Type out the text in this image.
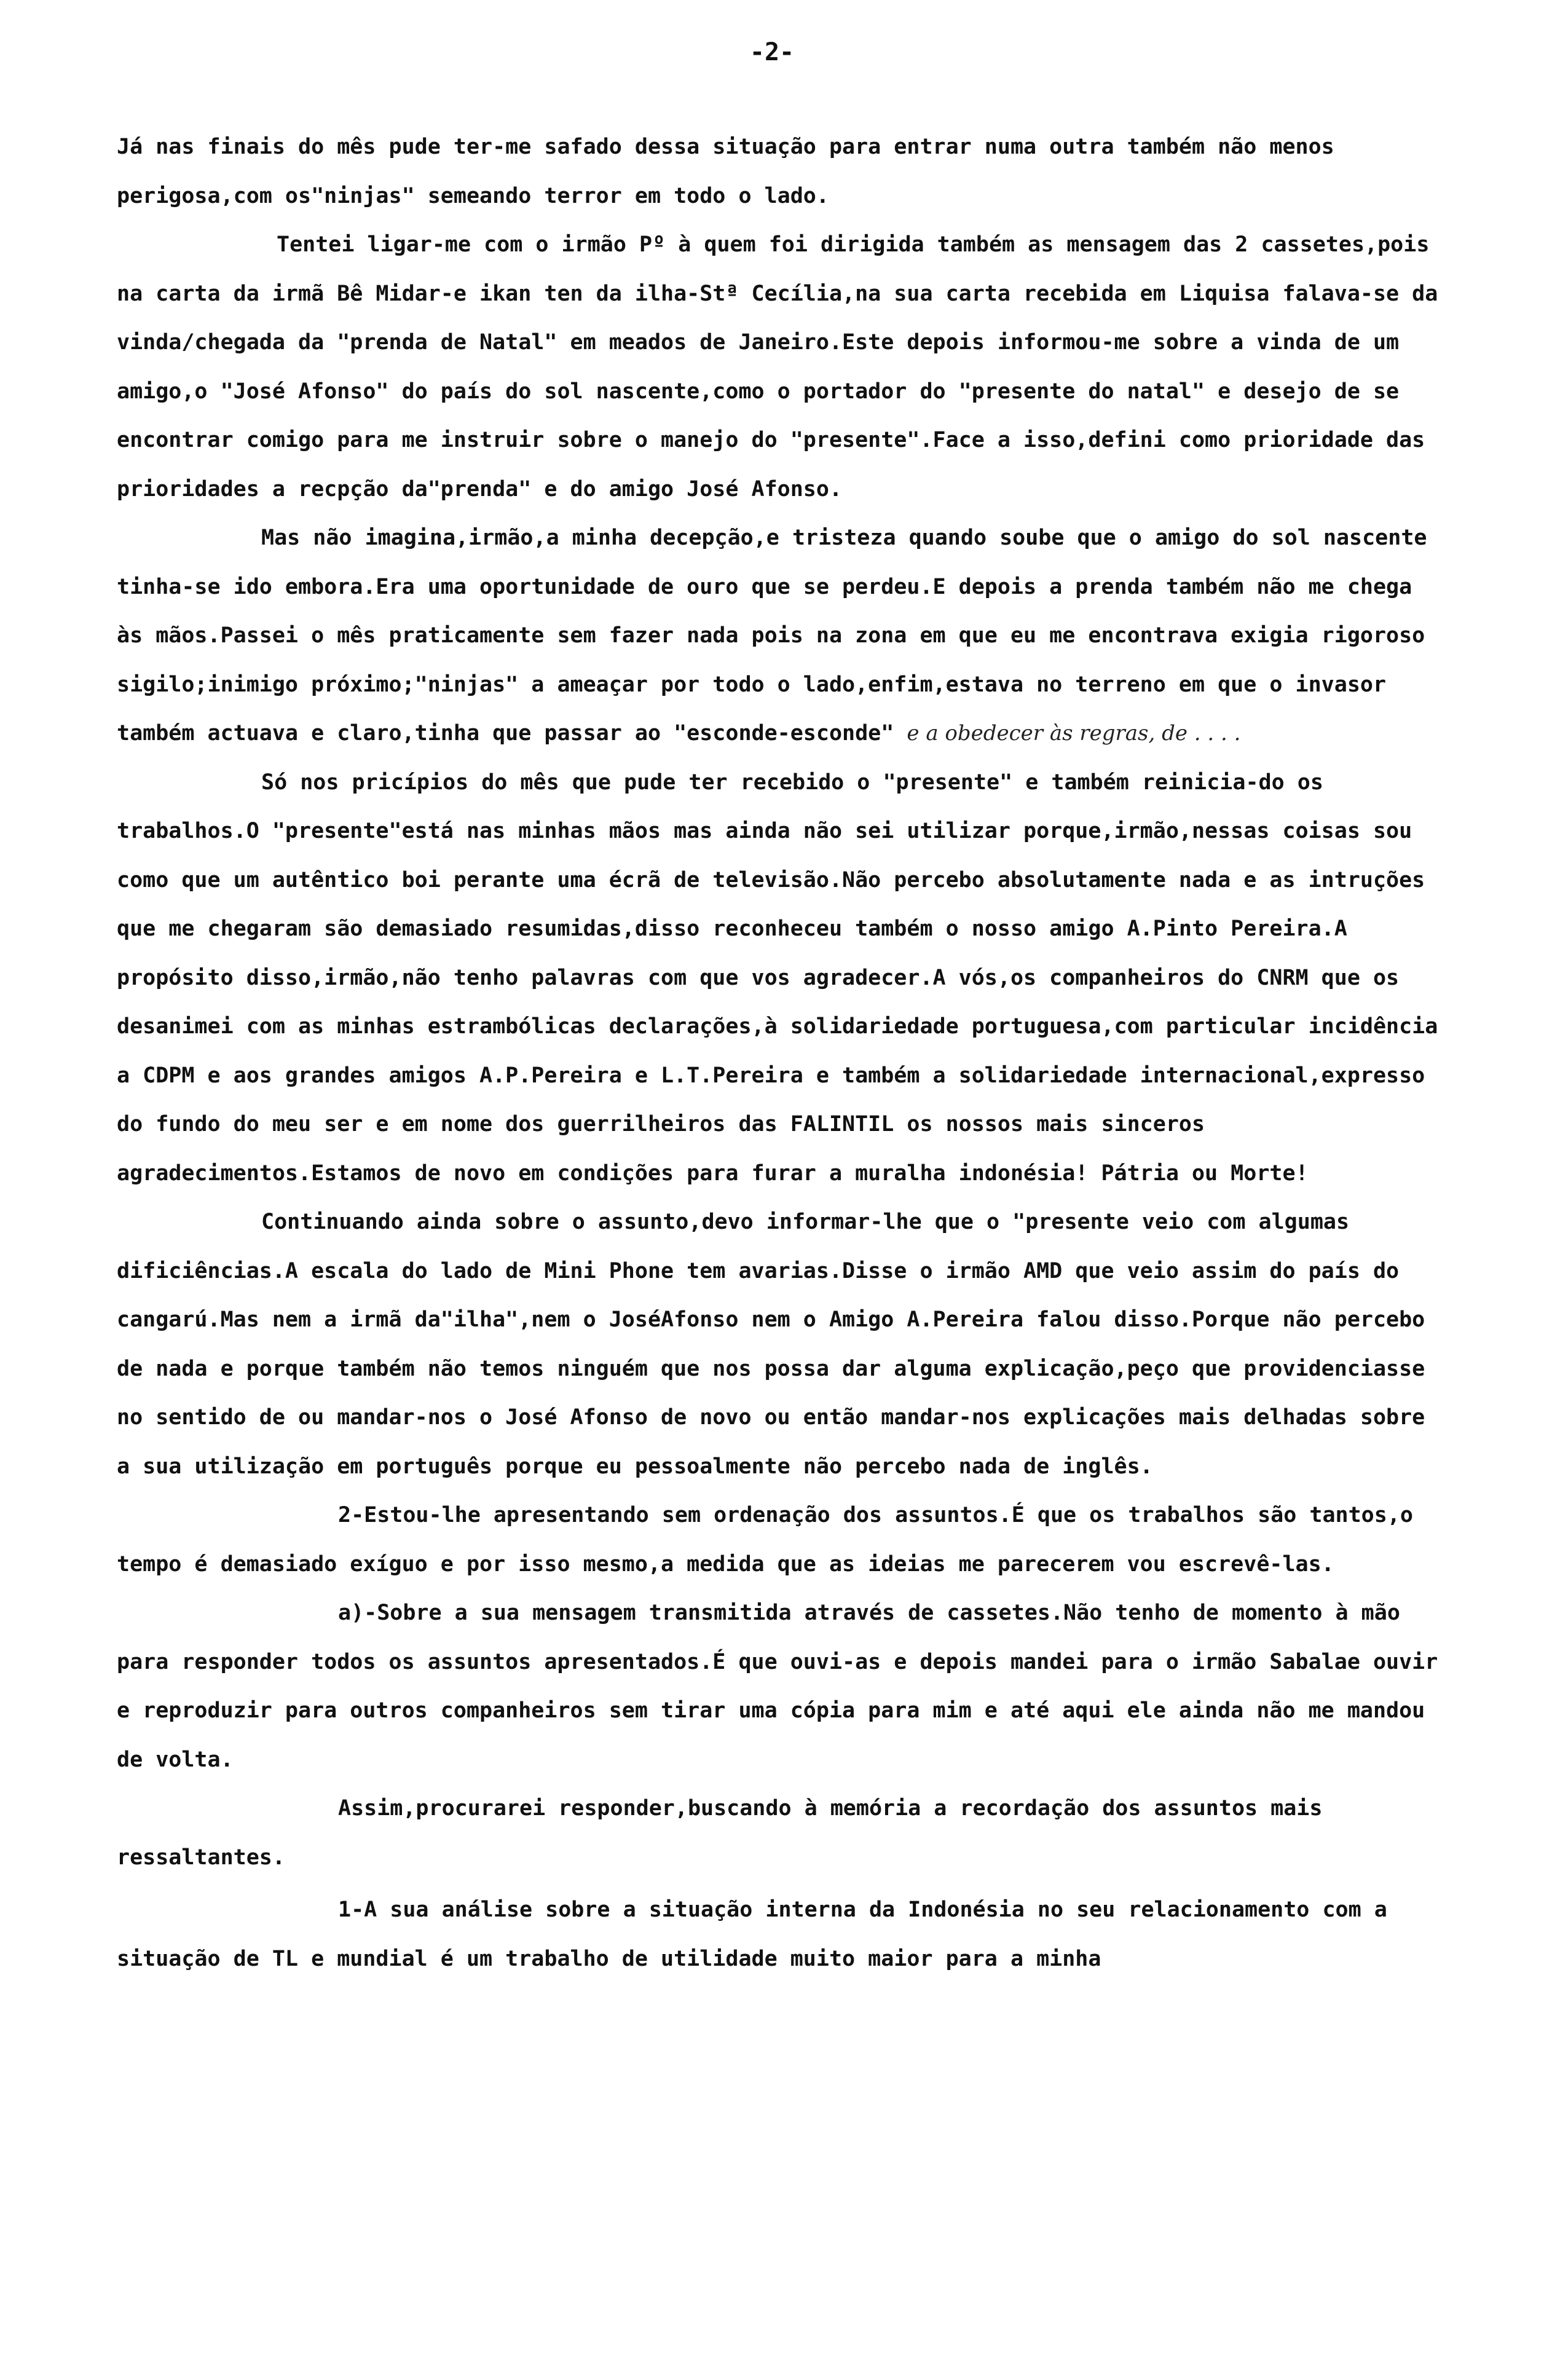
-2-

Já nas finais do mês pude ter-me safado dessa situação para entrar numa outra também não menos perigosa,com os"ninjas" semeando terror em todo o lado.

Tentei ligar-me com o irmão Pº à quem foi dirigida também as mensagem das 2 cassetes,pois na carta da irmã Bê Midar-e ikan ten da ilha-Stª Cecília,na sua carta recebida em Liquisa falava-se da vinda/chegada da "prenda de Natal" em meados de Janeiro.Este depois informou-me sobre a vinda de um amigo,o "José Afonso" do país do sol nascente,como o portador do "presente do natal" e desejo de se encontrar comigo para me instruir sobre o manejo do "presente".Face a isso,defini como prioridade das prioridades a recpção da"prenda" e do amigo José Afonso.

Mas não imagina,irmão,a minha decepção,e tristeza quando soube que o amigo do sol nascente tinha-se ido embora.Era uma oportunidade de ouro que se perdeu.E depois a prenda também não me chega às mãos.Passei o mês praticamente sem fazer nada pois na zona em que eu me encontrava exigia rigoroso sigilo;inimigo próximo;"ninjas" a ameaçar por todo o lado,enfim,estava no terreno em que o invasor também actuava e claro,tinha que passar ao "esconde-esconde" e a obedecer às regras, de . . . .

Só nos pricípios do mês que pude ter recebido o "presente" e também reinicia-do os trabalhos.O "presente"está nas minhas mãos mas ainda não sei utilizar porque,irmão,nessas coisas sou como que um autêntico boi perante uma écrã de televisão.Não percebo absolutamente nada e as intruções que me chegaram são demasiado resumidas,disso reconheceu também o nosso amigo A.Pinto Pereira.A propósito disso,irmão,não tenho palavras com que vos agradecer.A vós,os companheiros do CNRM que os desanimei com as minhas estrambólicas declarações,à solidariedade portuguesa,com particular incidência a CDPM e aos grandes amigos A.P.Pereira e L.T.Pereira e também a solidariedade internacional,expresso do fundo do meu ser e em nome dos guerrilheiros das FALINTIL os nossos mais sinceros agradecimentos.Estamos de novo em condições para furar a muralha indonésia! Pátria ou Morte!

Continuando ainda sobre o assunto,devo informar-lhe que o "presente veio com algumas dificiências.A escala do lado de Mini Phone tem avarias.Disse o irmão AMD que veio assim do país do cangarú.Mas nem a irmã da"ilha",nem o JoséAfonso nem o Amigo A.Pereira falou disso.Porque não percebo de nada e porque também não temos ninguém que nos possa dar alguma explicação,peço que providenciasse no sentido de ou mandar-nos o José Afonso de novo ou então mandar-nos explicações mais delhadas sobre a sua utilização em português porque eu pessoalmente não percebo nada de inglês.

2-Estou-lhe apresentando sem ordenação dos assuntos.É que os trabalhos são tantos,o tempo é demasiado exíguo e por isso mesmo,a medida que as ideias me parecerem vou escrevê-las.

a)-Sobre a sua mensagem transmitida através de cassetes.Não tenho de momento à mão para responder todos os assuntos apresentados.É que ouvi-as e depois mandei para o irmão Sabalae ouvir e reproduzir para outros companheiros sem tirar uma cópia para mim e até aqui ele ainda não me mandou de volta.

Assim,procurarei responder,buscando à memória a recordação dos assuntos mais ressaltantes.

1-A sua análise sobre a situação interna da Indonésia no seu relacionamento com a situação de TL e mundial é um trabalho de utilidade muito maior para a minha
